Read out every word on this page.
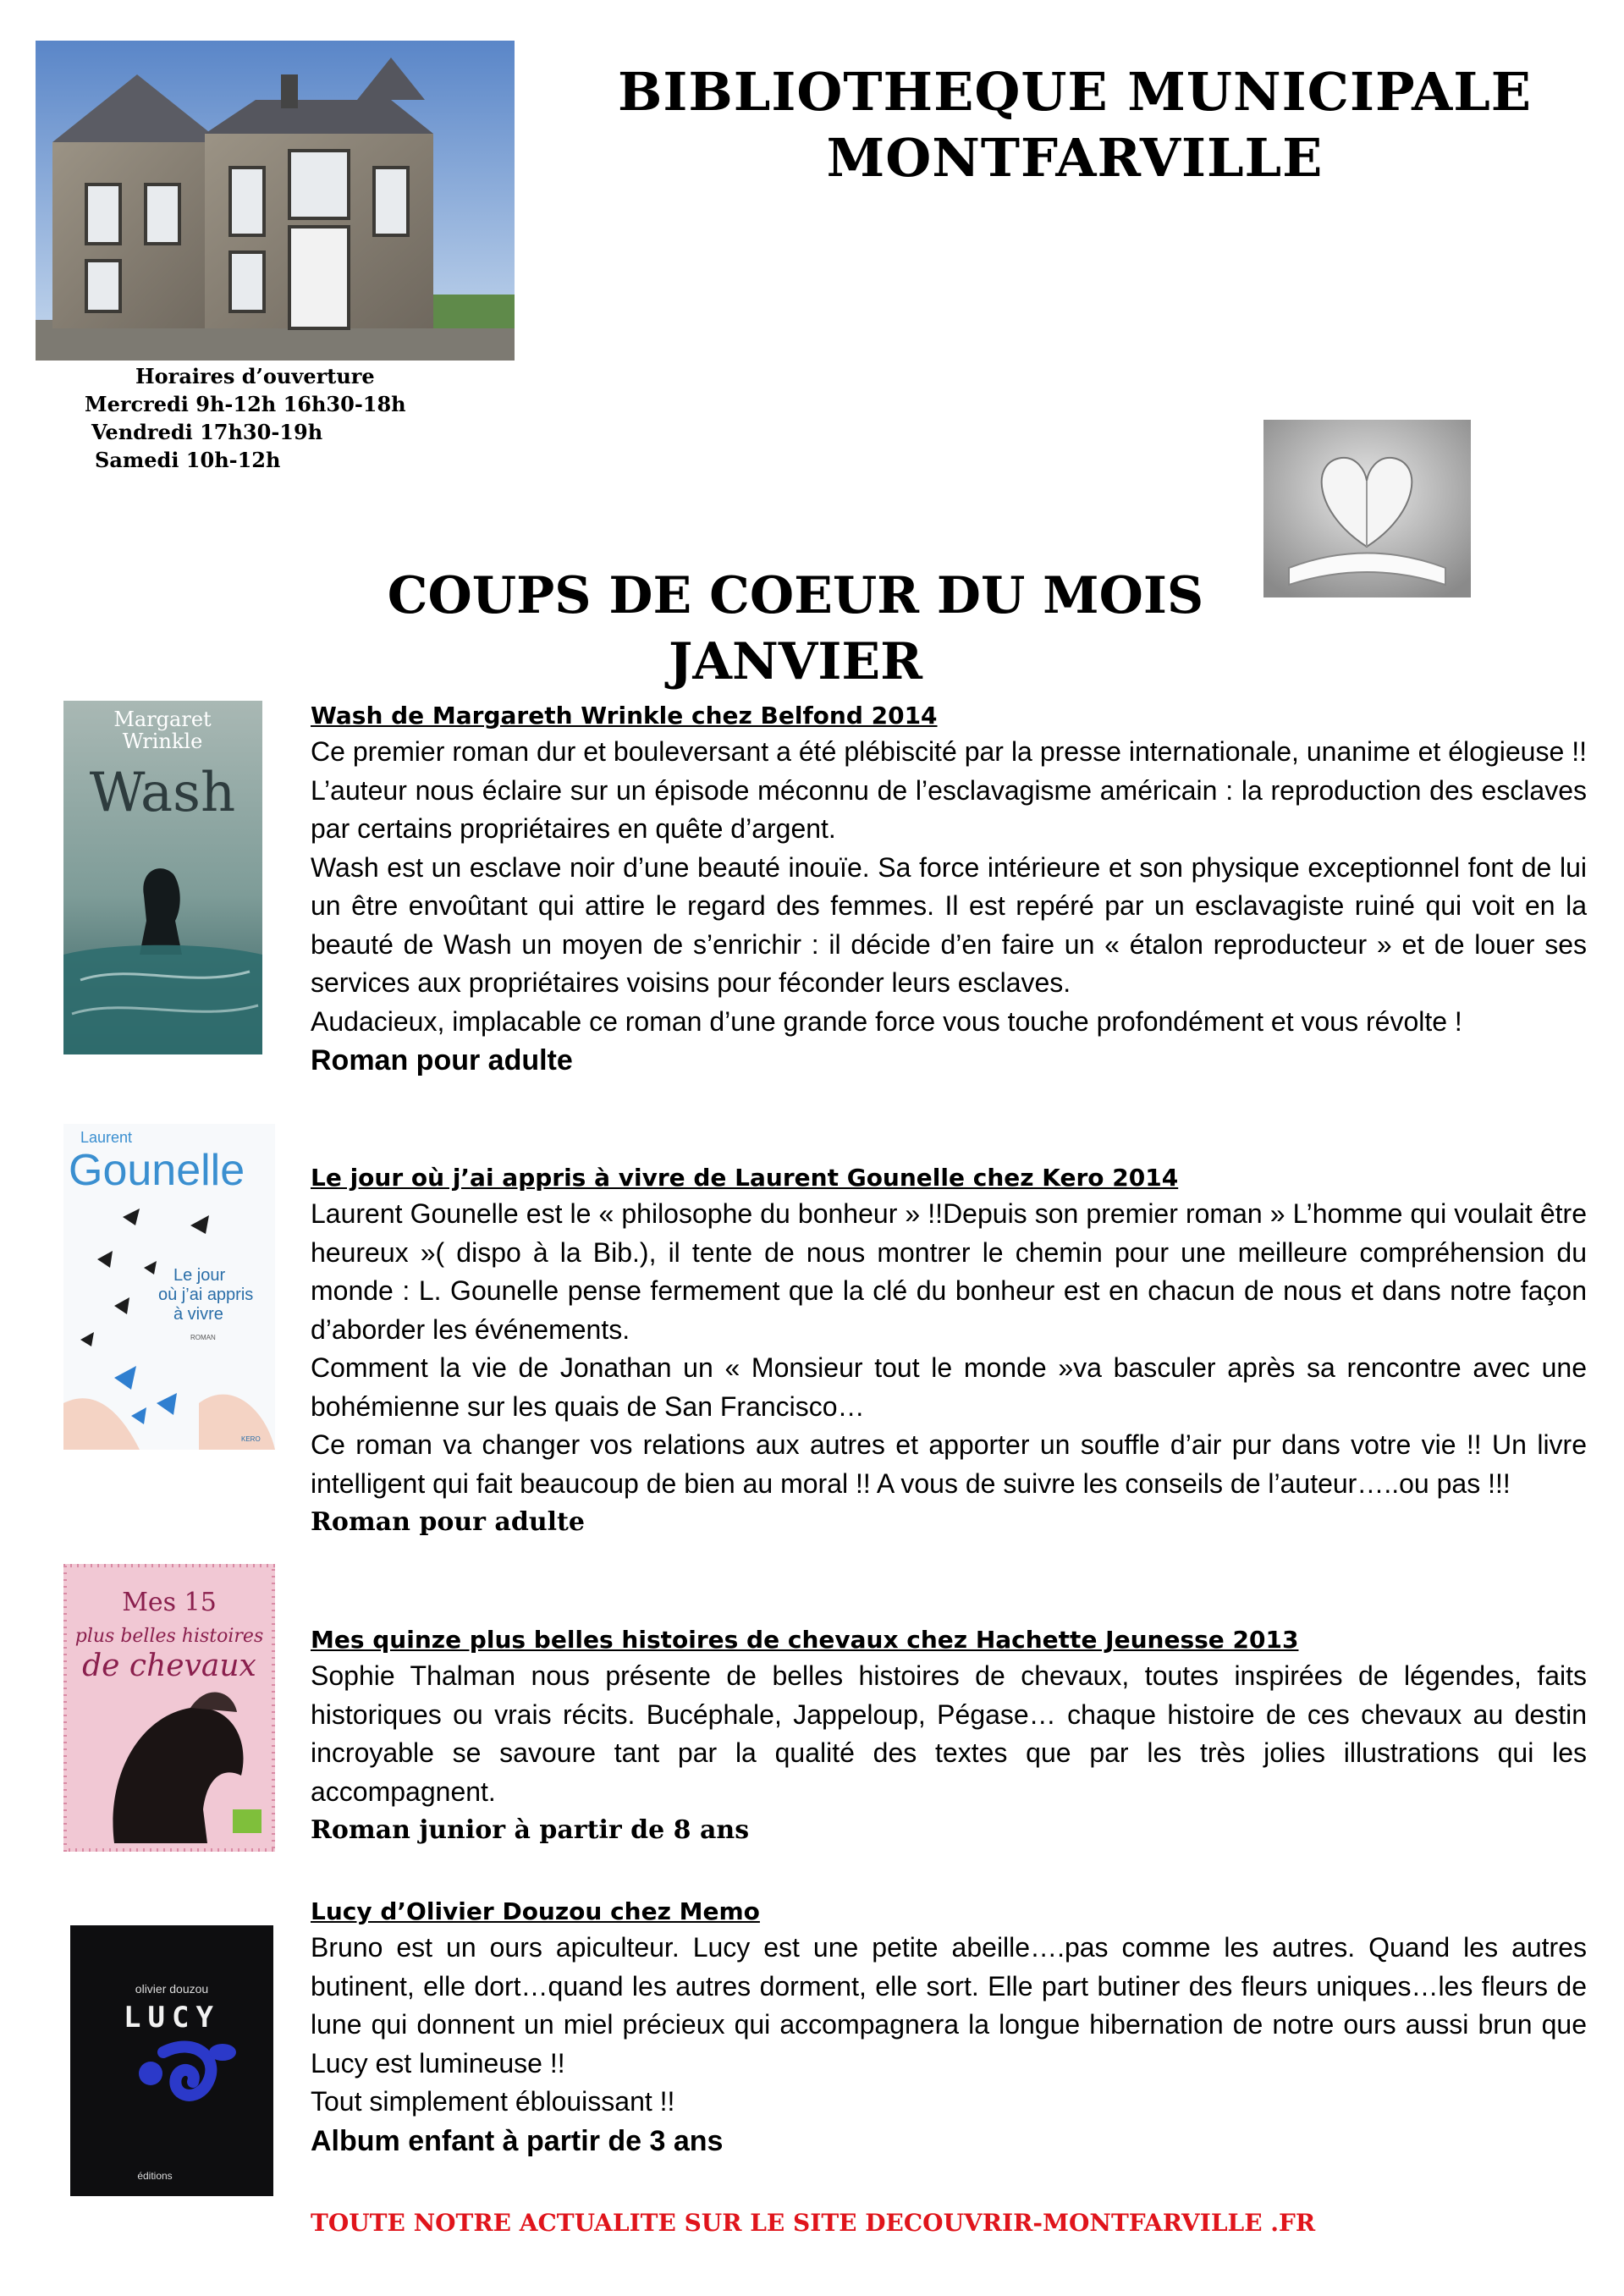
BIBLIOTHEQUE MUNICIPALE
MONTFARVILLE
Horaires d’ouverture
Mercredi 9h-12h 16h30-18h
Vendredi 17h30-19h
Samedi 10h-12h
COUPS DE COEUR DU MOIS
JANVIER
Margaret
Wrinkle
Wash
Wash de Margareth Wrinkle chez Belfond 2014

Ce premier roman dur et bouleversant a été plébiscité par la presse internationale, unanime et élogieuse !! L’auteur nous éclaire sur un épisode méconnu de l’esclavagisme américain : la reproduction des esclaves par certains propriétaires en quête d’argent.

Wash est un esclave noir d’une beauté inouïe. Sa force intérieure et son physique exceptionnel font de lui un être envoûtant qui attire le regard des femmes. Il est repéré par un esclavagiste ruiné qui voit en la beauté de Wash un moyen de s’enrichir : il décide d’en faire un « étalon reproducteur » et de louer ses services aux propriétaires voisins pour féconder leurs esclaves.

Audacieux, implacable ce roman d’une grande force vous touche profondément et vous révolte !

Roman pour adulte
Laurent
Gounelle
Le jour
où j’ai appris
à vivre
ROMAN
KERO
Le jour où j’ai appris à vivre de Laurent Gounelle chez Kero 2014

Laurent Gounelle est le « philosophe du bonheur » !!Depuis son premier roman » L’homme qui voulait être heureux »( dispo à la Bib.), il tente de nous montrer le chemin pour une meilleure compréhension du monde : L. Gounelle pense fermement que la clé du bonheur est en chacun de nous et dans notre façon d’aborder les événements.

Comment la vie de Jonathan un « Monsieur tout le monde »va basculer après sa rencontre avec une bohémienne sur les quais de San Francisco…

Ce roman va changer vos relations aux autres et apporter un souffle d’air pur dans votre vie !! Un livre intelligent qui fait beaucoup de bien au moral !! A vous de suivre les conseils de l’auteur…..ou pas !!!

Roman pour adulte
Mes 15
plus belles histoires
de chevaux
Mes quinze plus belles histoires de chevaux chez Hachette Jeunesse 2013

Sophie Thalman nous présente de belles histoires de chevaux, toutes inspirées de légendes, faits historiques ou vrais récits. Bucéphale, Jappeloup, Pégase… chaque histoire de ces chevaux au destin incroyable se savoure tant par la qualité des textes que par les très jolies illustrations qui les accompagnent.

Roman junior à partir de 8 ans
olivier douzou
LUCY
éditions
Lucy d’Olivier Douzou chez Memo

Bruno est un ours apiculteur. Lucy est une petite abeille….pas comme les autres. Quand les autres butinent, elle dort…quand les autres dorment, elle sort. Elle part butiner des fleurs uniques…les fleurs de lune qui donnent un miel précieux qui accompagnera la longue hibernation de notre ours aussi brun que Lucy est lumineuse !!

Tout simplement éblouissant !!

Album enfant à partir de 3 ans
TOUTE NOTRE ACTUALITE SUR LE SITE DECOUVRIR-MONTFARVILLE .FR
